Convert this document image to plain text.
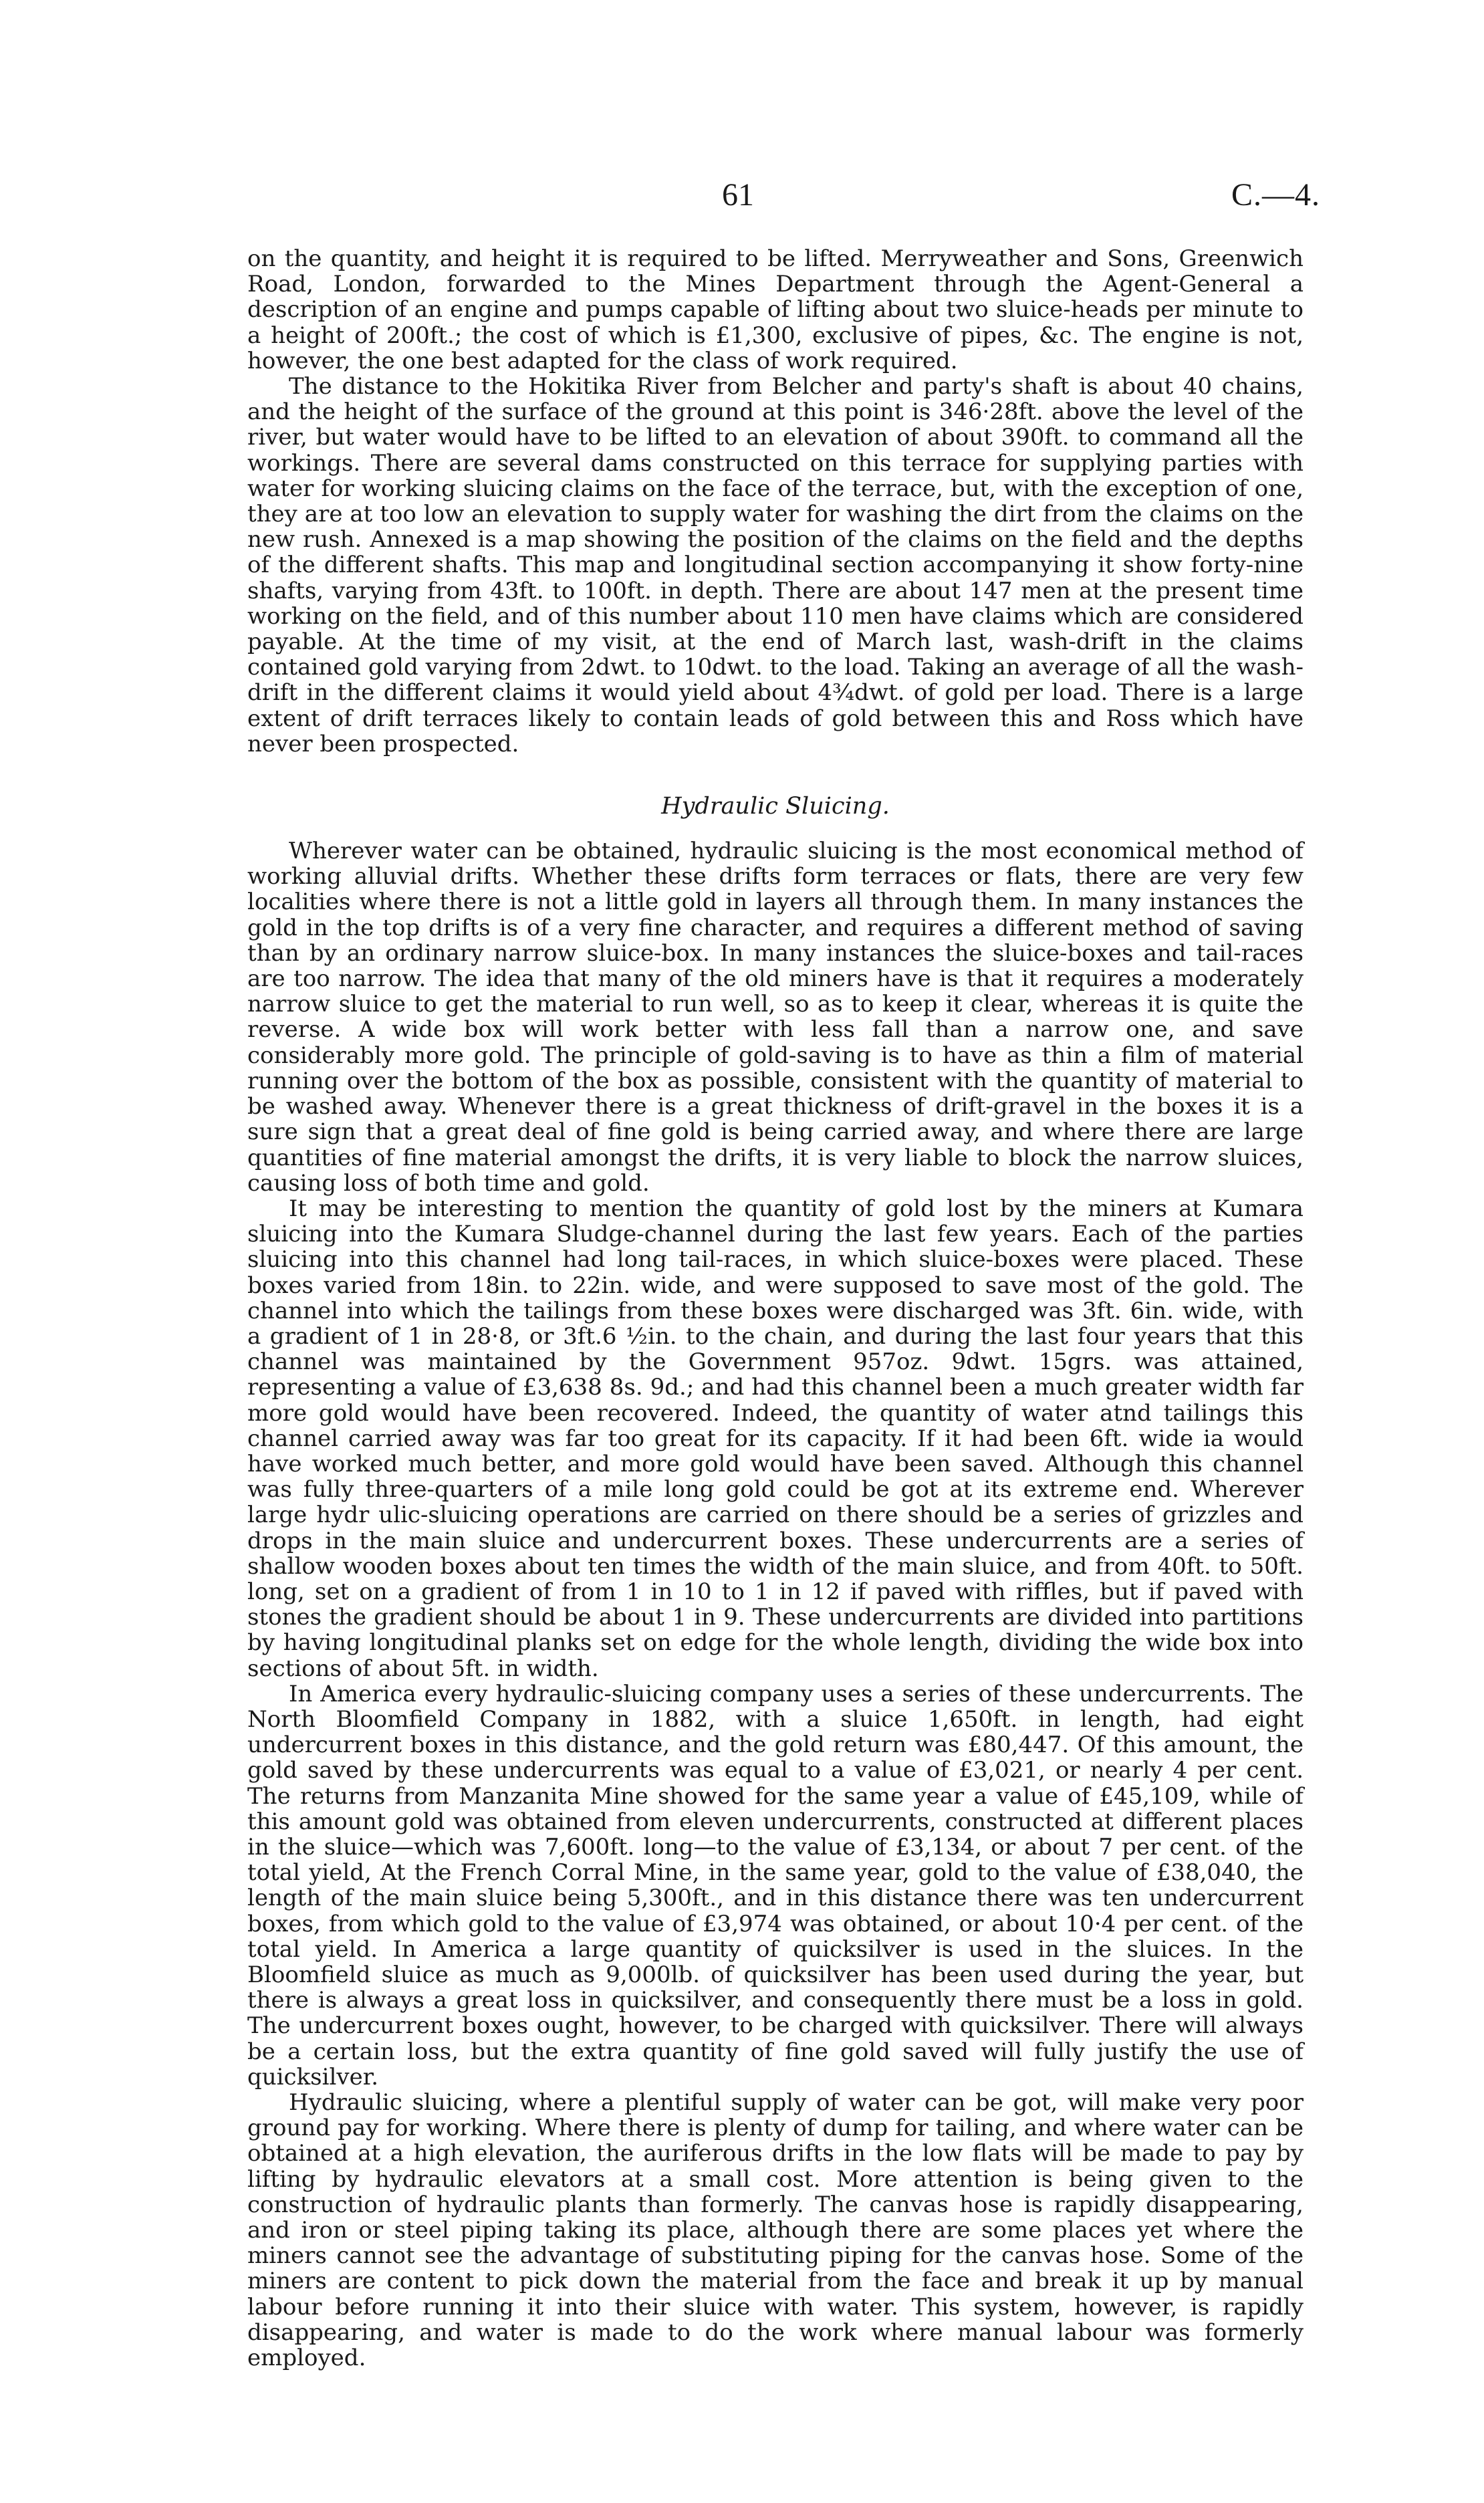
61	C.—4.

on the quantity, and height it is required to be lifted. Merryweather and Sons, Greenwich Road, London, forwarded to the Mines Department through the Agent-General a description of an engine and pumps capable of lifting about two sluice-heads per minute to a height of 200ft.; the cost of which is £1,300, exclusive of pipes, &c. The engine is not, however, the one best adapted for the class of work required.

The distance to the Hokitika River from Belcher and party's shaft is about 40 chains, and the height of the surface of the ground at this point is 346·28ft. above the level of the river, but water would have to be lifted to an elevation of about 390ft. to command all the workings. There are several dams constructed on this terrace for supplying parties with water for working sluicing claims on the face of the terrace, but, with the exception of one, they are at too low an elevation to supply water for washing the dirt from the claims on the new rush. Annexed is a map showing the position of the claims on the field and the depths of the different shafts. This map and longitudinal section accompanying it show forty-nine shafts, varying from 43ft. to 100ft. in depth. There are about 147 men at the present time working on the field, and of this number about 110 men have claims which are considered payable. At the time of my visit, at the end of March last, wash-drift in the claims contained gold varying from 2dwt. to 10dwt. to the load. Taking an average of all the wash-drift in the different claims it would yield about 4¾dwt. of gold per load. There is a large extent of drift terraces likely to contain leads of gold between this and Ross which have never been prospected.

Hydraulic Sluicing.

Wherever water can be obtained, hydraulic sluicing is the most economical method of working alluvial drifts. Whether these drifts form terraces or flats, there are very few localities where there is not a little gold in layers all through them. In many instances the gold in the top drifts is of a very fine character, and requires a different method of saving than by an ordinary narrow sluice-box. In many instances the sluice-boxes and tail-races are too narrow. The idea that many of the old miners have is that it requires a moderately narrow sluice to get the material to run well, so as to keep it clear, whereas it is quite the reverse. A wide box will work better with less fall than a narrow one, and save considerably more gold. The principle of gold-saving is to have as thin a film of material running over the bottom of the box as possible, consistent with the quantity of material to be washed away. Whenever there is a great thickness of drift-gravel in the boxes it is a sure sign that a great deal of fine gold is being carried away, and where there are large quantities of fine material amongst the drifts, it is very liable to block the narrow sluices, causing loss of both time and gold.

It may be interesting to mention the quantity of gold lost by the miners at Kumara sluicing into the Kumara Sludge-channel during the last few years. Each of the parties sluicing into this channel had long tail-races, in which sluice-boxes were placed. These boxes varied from 18in. to 22in. wide, and were supposed to save most of the gold. The channel into which the tailings from these boxes were discharged was 3ft. 6in. wide, with a gradient of 1 in 28·8, or 3ft.6 ½in. to the chain, and during the last four years that this channel was maintained by the Government 957oz. 9dwt. 15grs. was attained, representing a value of £3,638 8s. 9d.; and had this channel been a much greater width far more gold would have been recovered. Indeed, the quantity of water atnd tailings this channel carried away was far too great for its capacity. If it had been 6ft. wide ia would have worked much better, and more gold would have been saved. Although this channel was fully three-quarters of a mile long gold could be got at its extreme end. Wherever large hydr ulic-sluicing operations are carried on there should be a series of grizzles and drops in the main sluice and undercurrent boxes. These undercurrents are a series of shallow wooden boxes about ten times the width of the main sluice, and from 40ft. to 50ft. long, set on a gradient of from 1 in 10 to 1 in 12 if paved with riffles, but if paved with stones the gradient should be about 1 in 9. These undercurrents are divided into partitions by having longitudinal planks set on edge for the whole length, dividing the wide box into sections of about 5ft. in width.

In America every hydraulic-sluicing company uses a series of these undercurrents. The North Bloomfield Company in 1882, with a sluice 1,650ft. in length, had eight undercurrent boxes in this distance, and the gold return was £80,447. Of this amount, the gold saved by these undercurrents was equal to a value of £3,021, or nearly 4 per cent. The returns from Manzanita Mine showed for the same year a value of £45,109, while of this amount gold was obtained from eleven undercurrents, constructed at different places in the sluice—which was 7,600ft. long—to the value of £3,134, or about 7 per cent. of the total yield, At the French Corral Mine, in the same year, gold to the value of £38,040, the length of the main sluice being 5,300ft., and in this distance there was ten undercurrent boxes, from which gold to the value of £3,974 was obtained, or about 10·4 per cent. of the total yield. In America a large quantity of quicksilver is used in the sluices. In the Bloomfield sluice as much as 9,000lb. of quicksilver has been used during the year, but there is always a great loss in quicksilver, and consequently there must be a loss in gold. The undercurrent boxes ought, however, to be charged with quicksilver. There will always be a certain loss, but the extra quantity of fine gold saved will fully justify the use of quicksilver.

Hydraulic sluicing, where a plentiful supply of water can be got, will make very poor ground pay for working. Where there is plenty of dump for tailing, and where water can be obtained at a high elevation, the auriferous drifts in the low flats will be made to pay by lifting by hydraulic elevators at a small cost. More attention is being given to the construction of hydraulic plants than formerly. The canvas hose is rapidly disappearing, and iron or steel piping taking its place, although there are some places yet where the miners cannot see the advantage of substituting piping for the canvas hose. Some of the miners are content to pick down the material from the face and break it up by manual labour before running it into their sluice with water. This system, however, is rapidly disappearing, and water is made to do the work where manual labour was formerly employed.
